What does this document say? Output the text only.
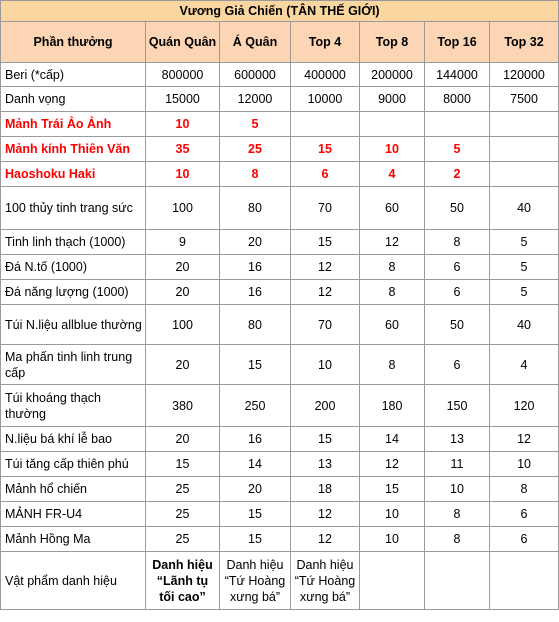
Vương Giả Chiến (TÂN THẾ GIỚI)						
Phần thưởng	Quán Quân	Á Quân	Top 4	Top 8	Top 16	Top 32
Beri (*cấp)	800000	600000	400000	200000	144000	120000
Danh vọng	15000	12000	10000	9000	8000	7500
Mảnh Trái Ảo Ảnh	10	5				
Mảnh kính Thiên Văn	35	25	15	10	5	
Haoshoku Haki	10	8	6	4	2	
100 thủy tinh trang sức	100	80	70	60	50	40
Tinh linh thạch (1000)	9	20	15	12	8	5
Đá N.tố (1000)	20	16	12	8	6	5
Đá năng lượng (1000)	20	16	12	8	6	5
Túi N.liệu allblue thường	100	80	70	60	50	40
Ma phấn tinh linh trung cấp	20	15	10	8	6	4
Túi khoáng thạch thường	380	250	200	180	150	120
N.liệu bá khí lễ bao	20	16	15	14	13	12
Túi tăng cấp thiên phú	15	14	13	12	11	10
Mảnh hổ chiến	25	20	18	15	10	8
MẢNH FR-U4	25	15	12	10	8	6
Mảnh Hồng Ma	25	15	12	10	8	6
Vật phẩm danh hiệu	Danh hiệu “Lãnh tụ tối cao”	Danh hiệu “Tứ Hoàng xưng bá”	Danh hiệu “Tứ Hoàng xưng bá”			
